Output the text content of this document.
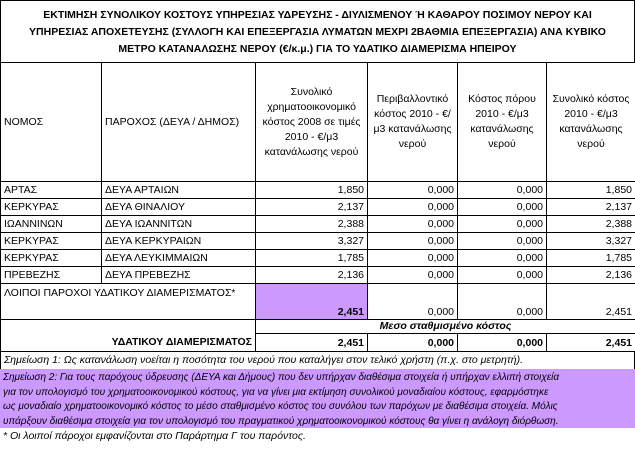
ΕΚΤΙΜΗΣΗ ΣΥΝΟΛΙΚΟΥ ΚΟΣΤΟΥΣ ΥΠΗΡΕΣΙΑΣ ΥΔΡΕΥΣΗΣ - ΔΙΥΛΙΣΜΕΝΟΥ Ή ΚΑΘΑΡΟΥ ΠΟΣΙΜΟΥ ΝΕΡΟΥ ΚΑΙ
ΥΠΗΡΕΣΙΑΣ ΑΠΟΧΕΤΕΥΣΗΣ (ΣΥΛΛΟΓΗ ΚΑΙ ΕΠΕΞΕΡΓΑΣΙΑ ΛΥΜΑΤΩΝ ΜΕΧΡΙ 2ΒΑΘΜΙΑ ΕΠΕΞΕΡΓΑΣΙΑ) ΑΝΑ ΚΥΒΙΚΟ
ΜΕΤΡΟ ΚΑΤΑΝΑΛΩΣΗΣ ΝΕΡΟΥ (€/κ.μ.) ΓΙΑ ΤΟ ΥΔΑΤΙΚΟ ΔΙΑΜΕΡΙΣΜΑ ΗΠΕΙΡΟΥ
ΝΟΜΟΣ	ΠΑΡΟΧΟΣ (ΔΕΥΑ / ΔΗΜΟΣ)	Συνολικό χρηματοοικονομικό κόστος 2008 σε τιμές 2010 - €/μ3 κατανάλωσης νερού	Περιβαλλοντικό κόστος 2010 - €/μ3 κατανάλωσης νερού	Κόστος πόρου 2010 - €/μ3 κατανάλωσης νερού	Συνολικό κόστος 2010 - €/μ3 κατανάλωσης νερού
ΑΡΤΑΣ	ΔΕΥΑ ΑΡΤΑΙΩΝ	1,850	0,000	0,000	1,850
ΚΕΡΚΥΡΑΣ	ΔΕΥΑ ΘΙΝΑΛΙΟΥ	2,137	0,000	0,000	2,137
ΙΩΑΝΝΙΝΩΝ	ΔΕΥΑ ΙΩΑΝΝΙΤΩΝ	2,388	0,000	0,000	2,388
ΚΕΡΚΥΡΑΣ	ΔΕΥΑ ΚΕΡΚΥΡΑΙΩΝ	3,327	0,000	0,000	3,327
ΚΕΡΚΥΡΑΣ	ΔΕΥΑ ΛΕΥΚΙΜΜΑΙΩΝ	1,785	0,000	0,000	1,785
ΠΡΕΒΕΖΗΣ	ΔΕΥΑ ΠΡΕΒΕΖΗΣ	2,136	0,000	0,000	2,136
ΛΟΙΠΟΙ ΠΑΡΟΧΟΙ ΥΔΑΤΙΚΟΥ ΔΙΑΜΕΡΙΣΜΑΤΟΣ*		2,451	0,000	0,000	2,451
		Μεσο σταθμισμένο κόστος			
ΥΔΑΤΙΚΟΥ ΔΙΑΜΕΡΙΣΜΑΤΟΣ		2,451	0,000	0,000	2,451
Σημείωση 1: Ως κατανάλωση νοείται η ποσότητα του νερού που καταλήγει στον τελικό χρήστη (π.χ. στο μετρητή).
Σημείωση 2: Για τους παρόχους ύδρευσης (ΔΕΥΑ και Δήμους) που δεν υπήρχαν διαθέσιμα στοιχεία ή υπήρχαν ελλιπή στοιχεία
για τον υπολογισμό του χρηματοοικονομικού κόστους, για να γίνει μια εκτίμηση συνολικού μοναδιαίου κόστους, εφαρμόστηκε
ως μοναδιαίο χρηματοοικονομικό κόστος το μέσο σταθμισμένο κόστος του συνόλου των παρόχων με διαθέσιμα στοιχεία. Μόλις
υπάρξουν διαθέσιμα στοιχεία για τον υπολογισμό του πραγματικού χρηματοοικονομικού κόστους θα γίνει η ανάλογη διόρθωση.
* Οι λοιποί πάροχοι εμφανίζονται στο Παράρτημα Γ του παρόντος.
